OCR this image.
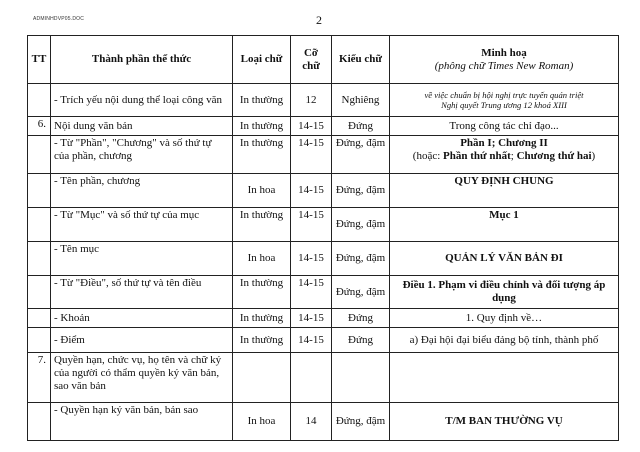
ADMINHDVP05.DOC	2
TT	Thành phần thể thức	Loại chữ	Cỡ
chữ	Kiểu chữ	Minh hoạ
(phông chữ Times New Roman)

	- Trích yếu nội dung thể loại công văn	In thường	12	Nghiêng	về việc chuẩn bị hội nghị trực tuyến quán triệt
Nghị quyết Trung ương 12 khoá XIII
6.	Nội dung văn bản	In thường	14-15	Đứng	Trong công tác chỉ đạo...
	- Từ "Phần", "Chương" và số thứ tự của phần, chương	In thường	14-15	Đứng, đậm	Phần I; Chương II
(hoặc: Phần thứ nhất; Chương thứ hai)
	- Tên phần, chương	In hoa	14-15	Đứng, đậm	QUY ĐỊNH CHUNG
	- Từ "Mục" và số thứ tự của mục	In thường	14-15	Đứng, đậm	Mục 1
	- Tên mục	In hoa	14-15	Đứng, đậm	QUẢN LÝ VĂN BẢN ĐI
	- Từ "Điều", số thứ tự và tên điều	In thường	14-15	Đứng, đậm	Điều 1. Phạm vi điều chỉnh và đối tượng áp dụng
	- Khoản	In thường	14-15	Đứng	1. Quy định về…
	- Điểm	In thường	14-15	Đứng	a) Đại hội đại biểu đảng bộ tỉnh, thành phố
7.	Quyền hạn, chức vụ, họ tên và chữ ký của người có thẩm quyền ký văn bản, sao văn bản				
	- Quyền hạn ký văn bản, bản sao	In hoa	14	Đứng, đậm	T/M BAN THƯỜNG VỤ
